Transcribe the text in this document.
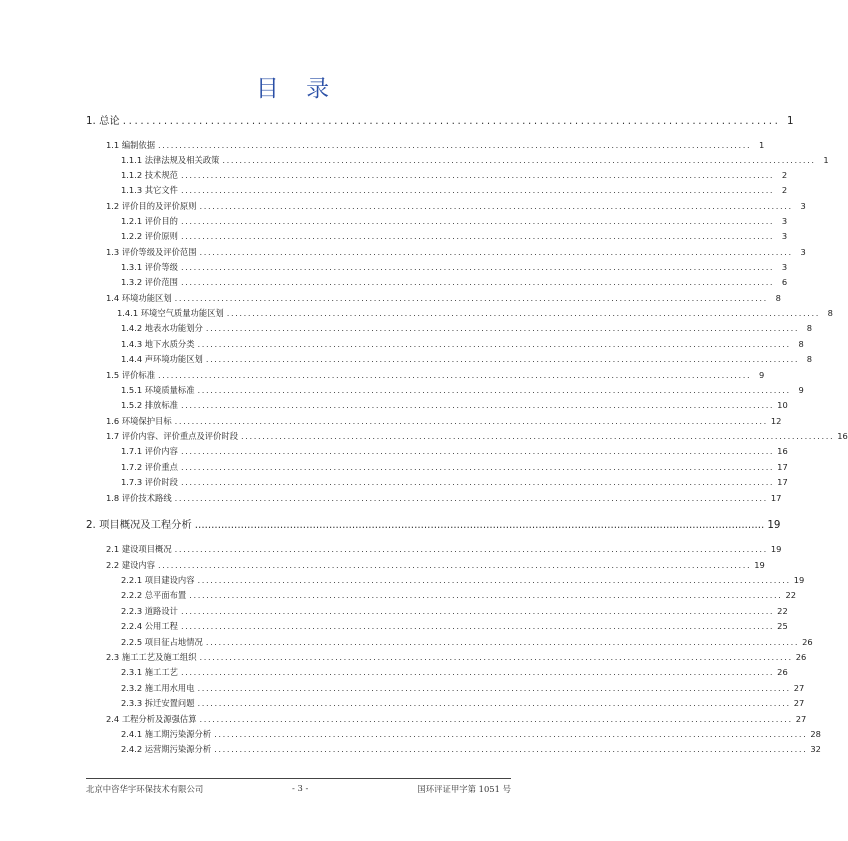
目 录
1. 总论 ................................................................................................................ 1
1.1 编制依据 ............................................................................................................................................ 1
1.1.1 法律法规及相关政策 ............................................................................................................................................ 1
1.1.2 技术规范 ............................................................................................................................................ 2
1.1.3 其它文件 ............................................................................................................................................ 2
1.2 评价目的及评价原则 ............................................................................................................................................ 3
1.2.1 评价目的 ............................................................................................................................................ 3
1.2.2 评价原则 ............................................................................................................................................ 3
1.3 评价等级及评价范围 ............................................................................................................................................ 3
1.3.1 评价等级 ............................................................................................................................................ 3
1.3.2 评价范围 ............................................................................................................................................ 6
1.4 环境功能区划 ............................................................................................................................................ 8
1.4.1 环境空气质量功能区划 ............................................................................................................................................ 8
1.4.2 地表水功能划分 ............................................................................................................................................ 8
1.4.3 地下水质分类 ............................................................................................................................................ 8
1.4.4 声环境功能区划 ............................................................................................................................................ 8
1.5 评价标准 ............................................................................................................................................ 9
1.5.1 环境质量标准 ............................................................................................................................................ 9
1.5.2 排放标准 ............................................................................................................................................ 10
1.6 环境保护目标 ............................................................................................................................................ 12
1.7 评价内容、评价重点及评价时段 ............................................................................................................................................ 16
1.7.1 评价内容 ............................................................................................................................................ 16
1.7.2 评价重点 ............................................................................................................................................ 17
1.7.3 评价时段 ............................................................................................................................................ 17
1.8 评价技术路线 ............................................................................................................................................ 17
2. 项目概况及工程分析 .............................................................................................................................................................................. 19
2.1 建设项目概况 ............................................................................................................................................ 19
2.2 建设内容 ............................................................................................................................................ 19
2.2.1 项目建设内容 ............................................................................................................................................ 19
2.2.2 总平面布置 ............................................................................................................................................ 22
2.2.3 道路设计 ............................................................................................................................................ 22
2.2.4 公用工程 ............................................................................................................................................ 25
2.2.5 项目征占地情况 ............................................................................................................................................ 26
2.3 施工工艺及施工组织 ............................................................................................................................................ 26
2.3.1 施工工艺 ............................................................................................................................................ 26
2.3.2 施工用水用电 ............................................................................................................................................ 27
2.3.3 拆迁安置问题 ............................................................................................................................................ 27
2.4 工程分析及源强估算 ............................................................................................................................................ 27
2.4.1 施工期污染源分析 ............................................................................................................................................ 28
2.4.2 运营期污染源分析 ............................................................................................................................................ 32
北京中咨华宇环保技术有限公司	- 3 -	国环评证甲字第 1051 号
